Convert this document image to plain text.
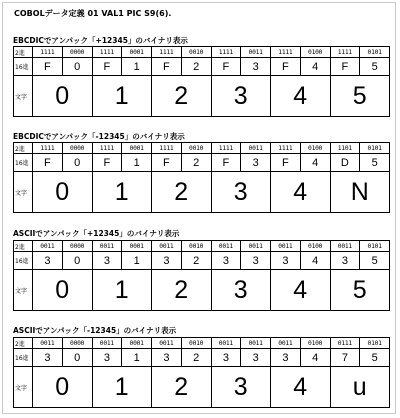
COBOLデータ定義 01 VAL1 PIC S9(6).
EBCDICでアンパック「+12345」のバイナリ表示
2進	1111	0000	1111	0001	1111	0010	1111	0011	1111	0100	1111	0101
16進	F	0	F	1	F	2	F	3	F	4	F	5
文字	0		1		2		3		4		5	
EBCDICでアンパック「-12345」のバイナリ表示
2進	1111	0000	1111	0001	1111	0010	1111	0011	1111	0100	1101	0101
16進	F	0	F	1	F	2	F	3	F	4	D	5
文字	0		1		2		3		4		N	
ASCIIでアンパック「+12345」のバイナリ表示
2進	0011	0000	0011	0001	0011	0010	0011	0011	0011	0100	0011	0101
16進	3	0	3	1	3	2	3	3	3	4	3	5
文字	0		1		2		3		4		5	
ASCIIでアンパック「-12345」のバイナリ表示
2進	0011	0000	0011	0001	0011	0010	0011	0011	0011	0100	0111	0101
16進	3	0	3	1	3	2	3	3	3	4	7	5
文字	0		1		2		3		4		u	
